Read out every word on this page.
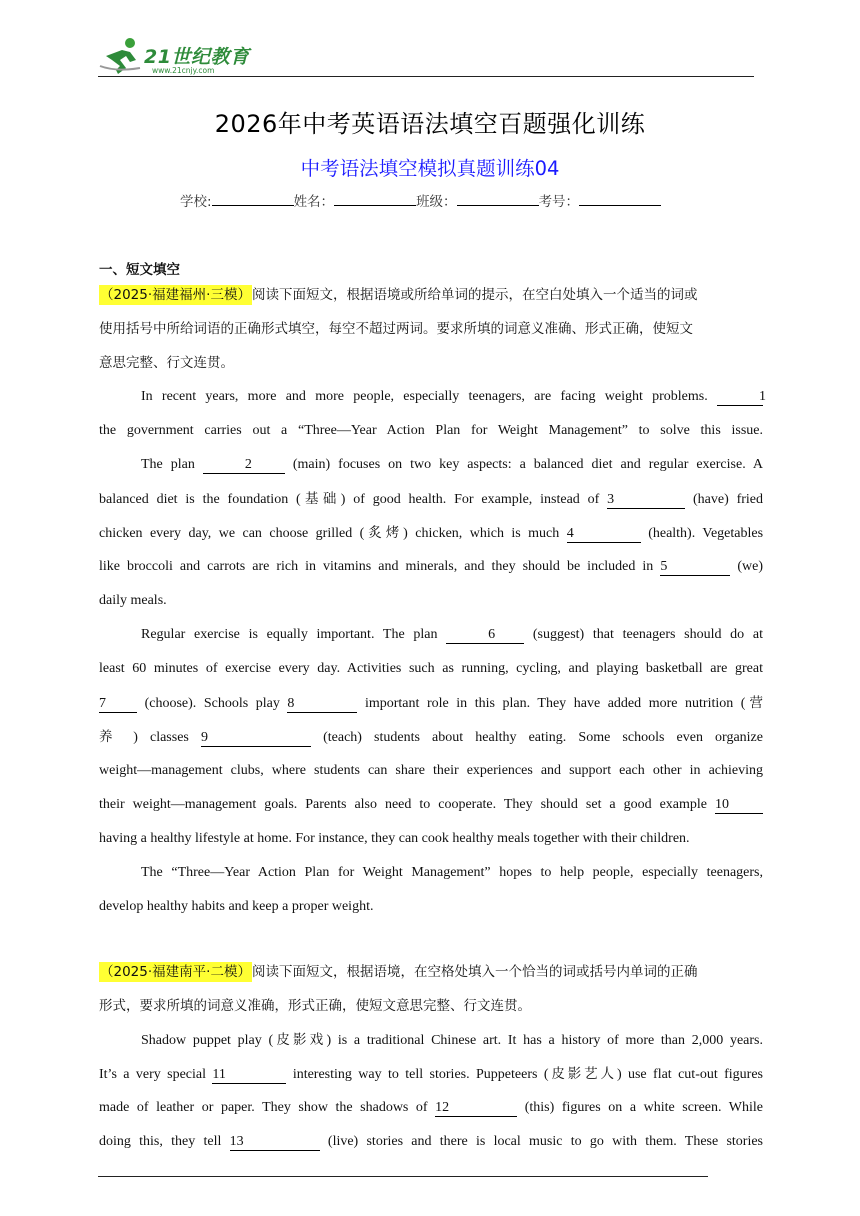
21世纪教育
www.21cnjy.com
2026年中考英语语法填空百题强化训练
中考语法填空模拟真题训练04
学校:	姓名：	班级：	考号：
一、短文填空
（2025·福建福州·三模）阅读下面短文，根据语境或所给单词的提示，在空白处填入一个适当的词或
使用括号中所给词语的正确形式填空，每空不超过两词。要求所填的词意义准确、形式正确，使短文
意思完整、行文连贯。
In recent years, more and more people, especially teenagers, are facing weight problems.	1
the government carries out a “Three—Year Action Plan for Weight Management” to solve this issue.
The plan	2	(main) focuses on two key aspects: a balanced diet and regular exercise. A
balanced diet is the foundation (基础) of good health. For example, instead of 3	(have) fried
chicken every day, we can choose grilled (炙烤) chicken, which is much 4	(health). Vegetables
like broccoli and carrots are rich in vitamins and minerals, and they should be included in 5	(we)
daily meals.
Regular exercise is equally important. The plan	6	(suggest) that teenagers should do at
least 60 minutes of exercise every day. Activities such as running, cycling, and playing basketball are great
7	(choose). Schools play 8	important role in this plan. They have added more nutrition (营
养 ) classes 9	(teach) students about healthy eating. Some schools even organize
weight—management clubs, where students can share their experiences and support each other in achieving
their weight—management goals. Parents also need to cooperate. They should set a good example 10
having a healthy lifestyle at home. For instance, they can cook healthy meals together with their children.
The “Three—Year Action Plan for Weight Management” hopes to help people, especially teenagers,
develop healthy habits and keep a proper weight.
（2025·福建南平·二模）阅读下面短文，根据语境，在空格处填入一个恰当的词或括号内单词的正确
形式，要求所填的词意义准确，形式正确，使短文意思完整、行文连贯。
Shadow puppet play (皮影戏) is a traditional Chinese art. It has a history of more than 2,000 years.
It’s a very special 11	interesting way to tell stories. Puppeteers (皮影艺人) use flat cut-out figures
made of leather or paper. They show the shadows of 12	(this) figures on a white screen. While
doing this, they tell 13	(live) stories and there is local music to go with them. These stories
